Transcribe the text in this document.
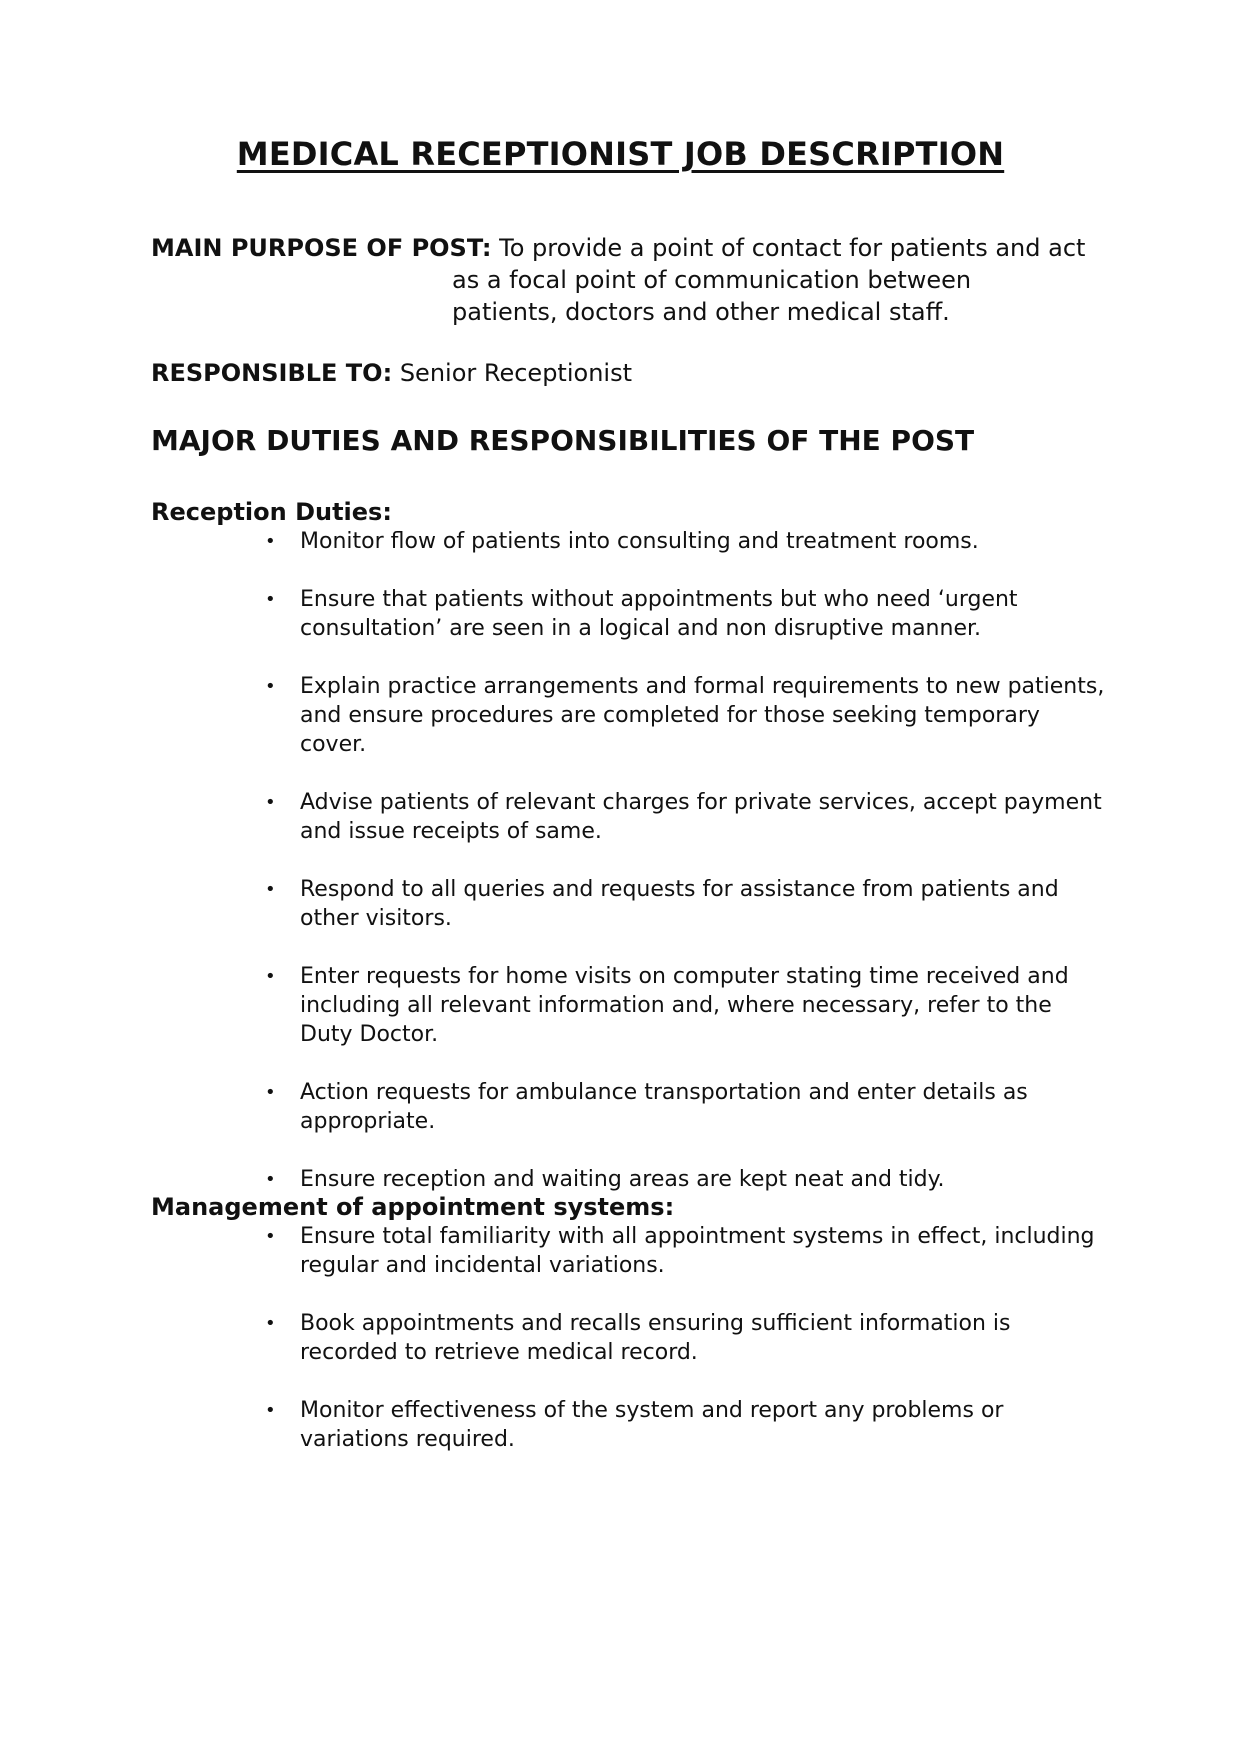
MEDICAL RECEPTIONIST JOB DESCRIPTION
MAIN PURPOSE OF POST: To provide a point of contact for patients and act
as a focal point of communication between
patients, doctors and other medical staff.
RESPONSIBLE TO: Senior Receptionist
MAJOR DUTIES AND RESPONSIBILITIES OF THE POST
Reception Duties:
• Monitor flow of patients into consulting and treatment rooms.
• Ensure that patients without appointments but who need ‘urgent consultation’ are seen in a logical and non disruptive manner.
• Explain practice arrangements and formal requirements to new patients, and ensure procedures are completed for those seeking temporary cover.
• Advise patients of relevant charges for private services, accept payment and issue receipts of same.
• Respond to all queries and requests for assistance from patients and other visitors.
• Enter requests for home visits on computer stating time received and including all relevant information and, where necessary, refer to the Duty Doctor.
• Action requests for ambulance transportation and enter details as appropriate.
• Ensure reception and waiting areas are kept neat and tidy.
Management of appointment systems:
• Ensure total familiarity with all appointment systems in effect, including regular and incidental variations.
• Book appointments and recalls ensuring sufficient information is recorded to retrieve medical record.
• Monitor effectiveness of the system and report any problems or variations required.
